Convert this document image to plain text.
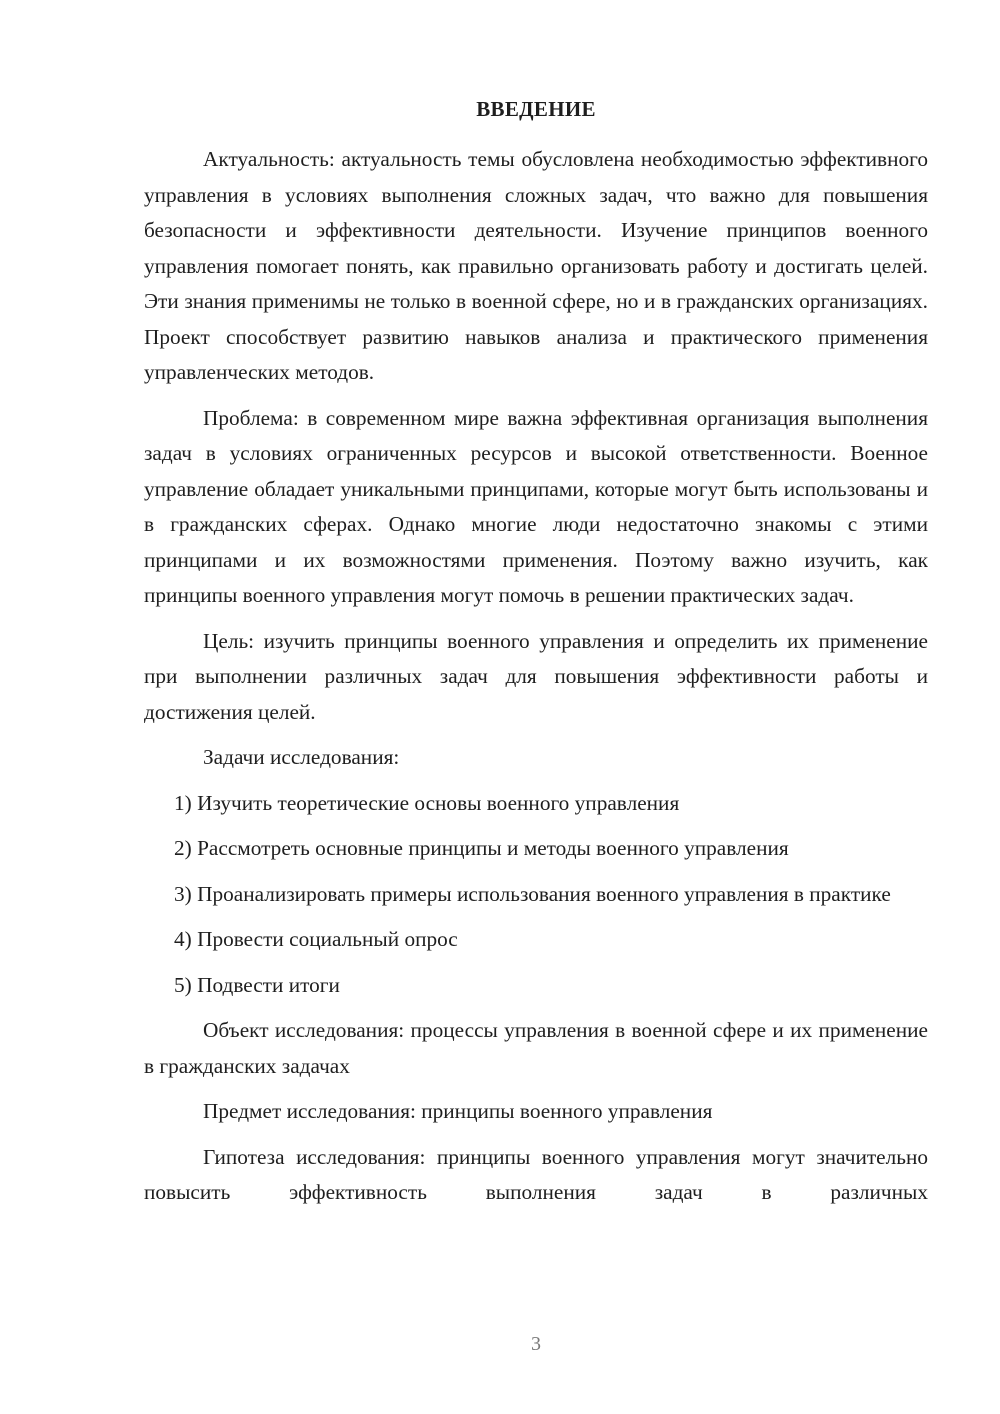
ВВЕДЕНИЕ

Актуальность: актуальность темы обусловлена необходимостью эффективного управления в условиях выполнения сложных задач, что важно для повышения безопасности и эффективности деятельности. Изучение принципов военного управления помогает понять, как правильно организовать работу и достигать целей. Эти знания применимы не только в военной сфере, но и в гражданских организациях. Проект способствует развитию навыков анализа и практического применения управленческих методов.

Проблема: в современном мире важна эффективная организация выполнения задач в условиях ограниченных ресурсов и высокой ответственности. Военное управление обладает уникальными принципами, которые могут быть использованы и в гражданских сферах. Однако многие люди недостаточно знакомы с этими принципами и их возможностями применения. Поэтому важно изучить, как принципы военного управления могут помочь в решении практических задач.

Цель: изучить принципы военного управления и определить их применение при выполнении различных задач для повышения эффективности работы и достижения целей.

Задачи исследования:

1) Изучить теоретические основы военного управления

2) Рассмотреть основные принципы и методы военного управления

3) Проанализировать примеры использования военного управления в практике

4) Провести социальный опрос

5) Подвести итоги

Объект исследования: процессы управления в военной сфере и их применение в гражданских задачах

Предмет исследования: принципы военного управления

Гипотеза исследования: принципы военного управления могут значительно повысить эффективность выполнения задач в различных

3
